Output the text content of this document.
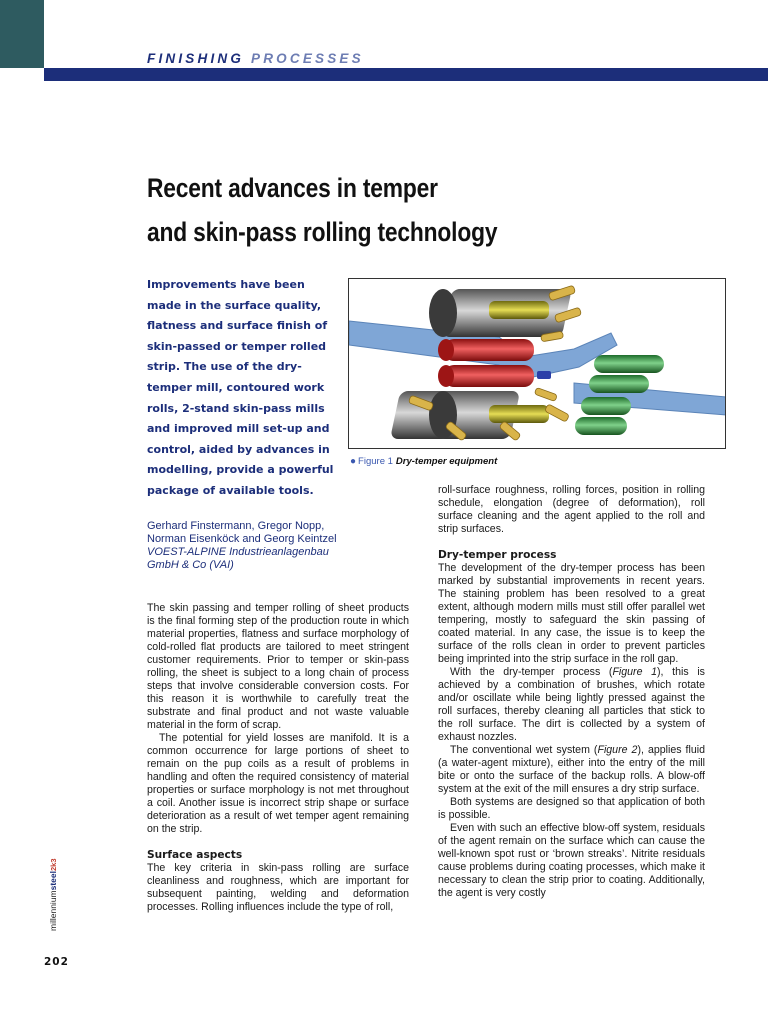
FINISHING PROCESSES
Recent advances in temper
and skin-pass rolling technology

Improvements have been made in the surface quality, flatness and surface finish of skin-passed or temper rolled strip. The use of the dry-temper mill, contoured work rolls, 2-stand skin-pass mills and improved mill set-up and control, aided by advances in modelling, provide a powerful package of available tools.

Gerhard Finstermann, Gregor Nopp,
Norman Eisenköck and Georg Keintzel
VOEST-ALPINE Industrieanlagenbau
GmbH & Co (VAI)
● Figure 1 Dry-temper equipment

The skin passing and temper rolling of sheet products is the final forming step of the production route in which material properties, flatness and surface morphology of cold-rolled flat products are tailored to meet stringent customer requirements. Prior to temper or skin-pass rolling, the sheet is subject to a long chain of process steps that involve considerable conversion costs. For this reason it is worthwhile to carefully treat the substrate and final product and not waste valuable material in the form of scrap.

The potential for yield losses are manifold. It is a common occurrence for large portions of sheet to remain on the pup coils as a result of problems in handling and often the required consistency of material properties or surface morphology is not met throughout a coil. Another issue is incorrect strip shape or surface deterioration as a result of wet temper agent remaining on the strip.

Surface aspects

The key criteria in skin-pass rolling are surface cleanliness and roughness, which are important for subsequent painting, welding and deformation processes. Rolling influences include the type of roll,

roll-surface roughness, rolling forces, position in rolling schedule, elongation (degree of deformation), roll surface cleaning and the agent applied to the roll and strip surfaces.

Dry-temper process

The development of the dry-temper process has been marked by substantial improvements in recent years. The staining problem has been resolved to a great extent, although modern mills must still offer parallel wet tempering, mostly to safeguard the skin passing of coated material. In any case, the issue is to keep the surface of the rolls clean in order to prevent particles being imprinted into the strip surface in the roll gap.

With the dry-temper process (Figure 1), this is achieved by a combination of brushes, which rotate and/or oscillate while being lightly pressed against the roll surfaces, thereby cleaning all particles that stick to the roll surface. The dirt is collected by a system of exhaust nozzles.

The conventional wet system (Figure 2), applies fluid (a water-agent mixture), either into the entry of the mill bite or onto the surface of the backup rolls. A blow-off system at the exit of the mill ensures a dry strip surface.

Both systems are designed so that application of both is possible.

Even with such an effective blow-off system, residuals of the agent remain on the surface which can cause the well-known spot rust or ‘brown streaks’. Nitrite residuals cause problems during coating processes, which make it necessary to clean the strip prior to coating. Additionally, the agent is very costly

millenniumsteel2k3
202
